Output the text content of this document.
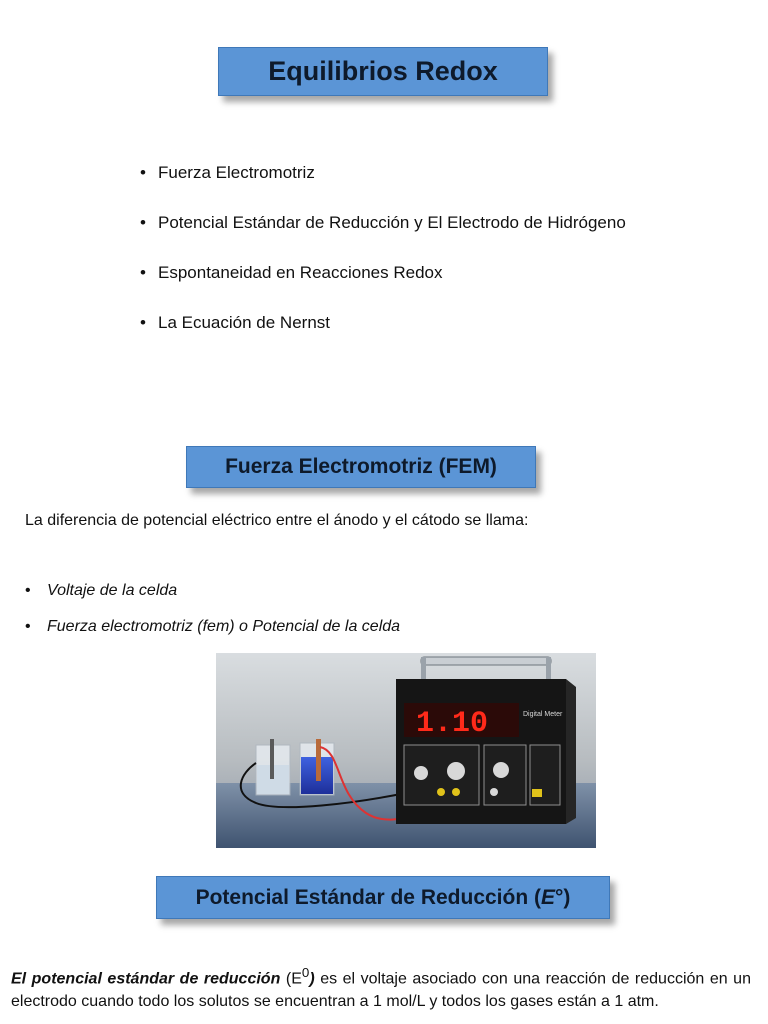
Equilibrios Redox
• Fuerza Electromotriz
• Potencial Estándar de Reducción y El Electrodo de Hidrógeno
• Espontaneidad en Reacciones Redox
• La Ecuación de Nernst
Fuerza Electromotriz (FEM)
La diferencia de potencial eléctrico entre el ánodo y el cátodo se llama:
• Voltaje de la celda
• Fuerza electromotriz (fem) o Potencial de la celda
1.10	Digital Meter
Potencial Estándar de Reducción ( E °)

El potencial estándar de reducción $(E^0)$ es el voltaje asociado con una reacción de reducción en un electrodo cuando todo los solutos se encuentran a 1 mol/L y todos los gases están a 1 atm.
